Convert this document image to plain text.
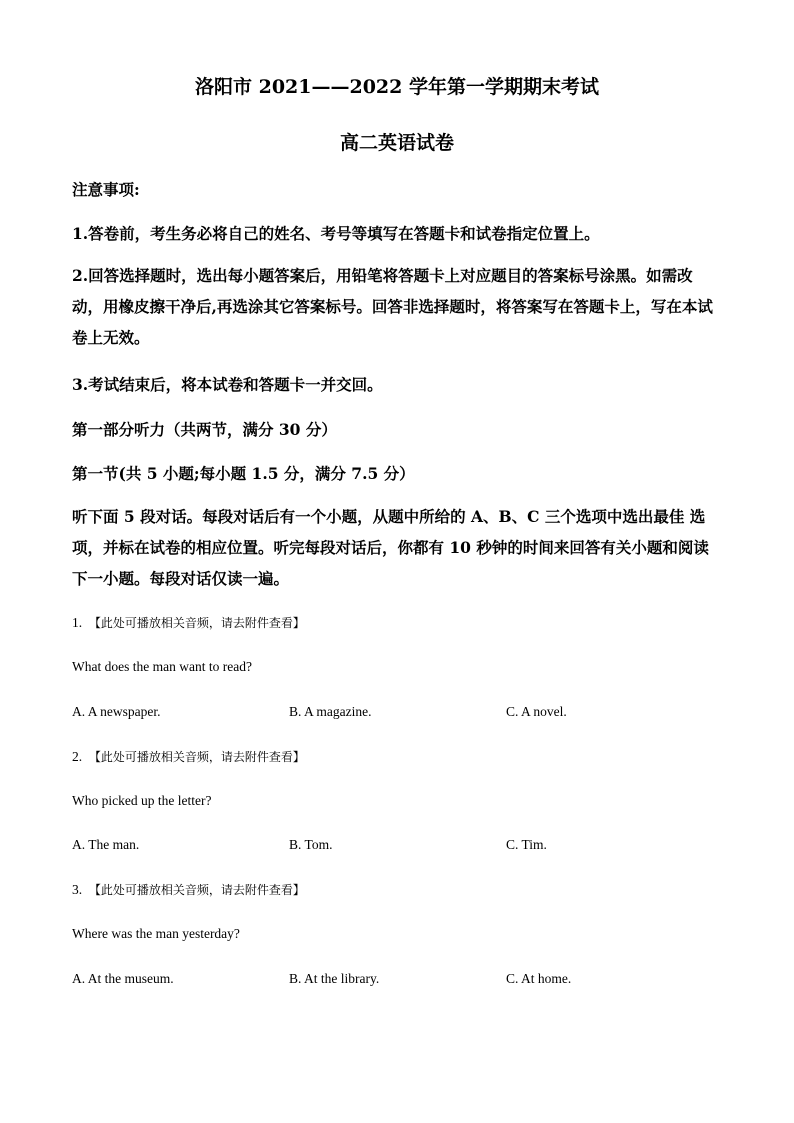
洛阳市 2021——2022 学年第一学期期末考试
高二英语试卷
注意事项:
1.答卷前，考生务必将自己的姓名、考号等填写在答题卡和试卷指定位置上。
2.回答选择题时，选出每小题答案后，用铅笔将答题卡上对应题目的答案标号涂黑。如需改动，用橡皮擦干净后,再选涂其它答案标号。回答非选择题时，将答案写在答题卡上，写在本试卷上无效。
3.考试结束后，将本试卷和答题卡一并交回。
第一部分听力（共两节，满分 30 分）
第一节(共 5 小题;每小题 1.5 分，满分 7.5 分）
听下面 5 段对话。每段对话后有一个小题，从题中所给的 A、B、C 三个选项中选出最佳 选项，并标在试卷的相应位置。听完每段对话后，你都有 10 秒钟的时间来回答有关小题和阅读下一小题。每段对话仅读一遍。
1. 【此处可播放相关音频，请去附件查看】
What does the man want to read?
A. A newspaper.	B. A magazine.	C. A novel.
2. 【此处可播放相关音频，请去附件查看】
Who picked up the letter?
A. The man.	B. Tom.	C. Tim.
3. 【此处可播放相关音频，请去附件查看】
Where was the man yesterday?
A. At the museum.	B. At the library.	C. At home.
